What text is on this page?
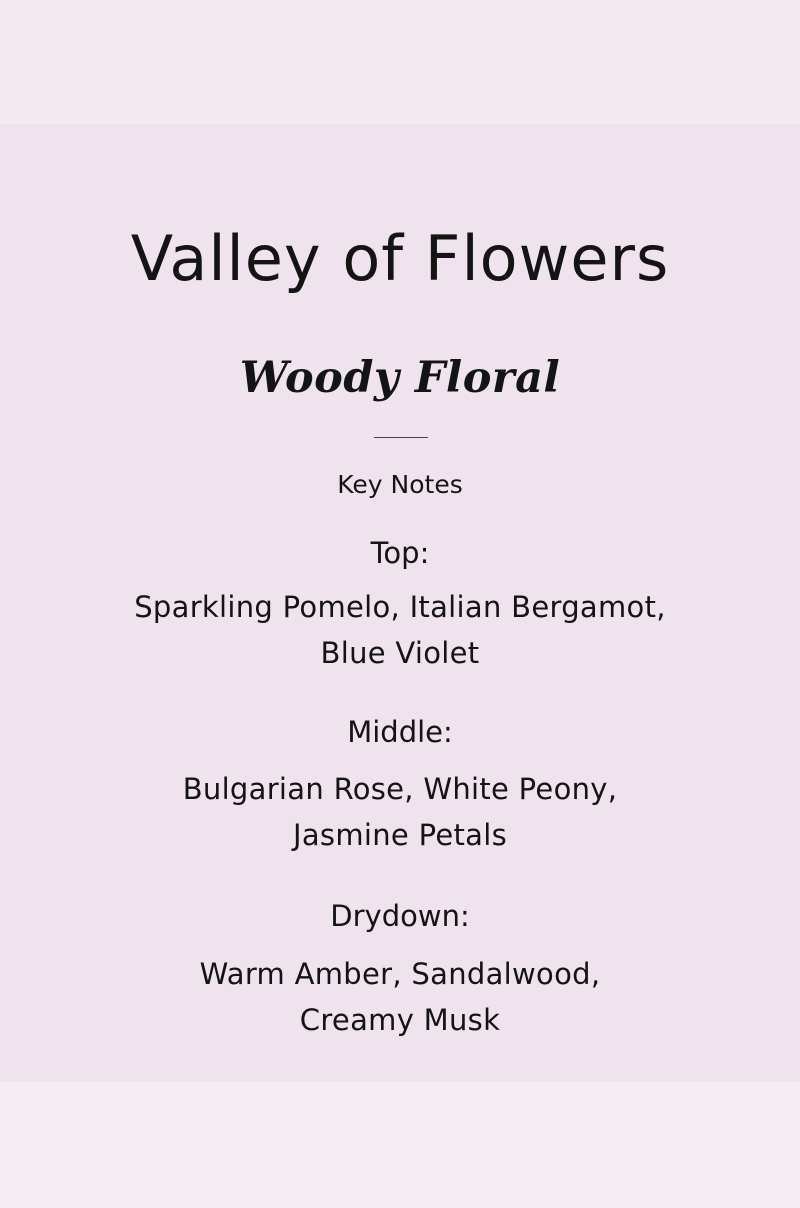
Valley of Flowers
Woody Floral

Key Notes

Top:

Sparkling Pomelo, Italian Bergamot,
Blue Violet

Middle:

Bulgarian Rose, White Peony,
Jasmine Petals

Drydown:

Warm Amber, Sandalwood,
Creamy Musk
